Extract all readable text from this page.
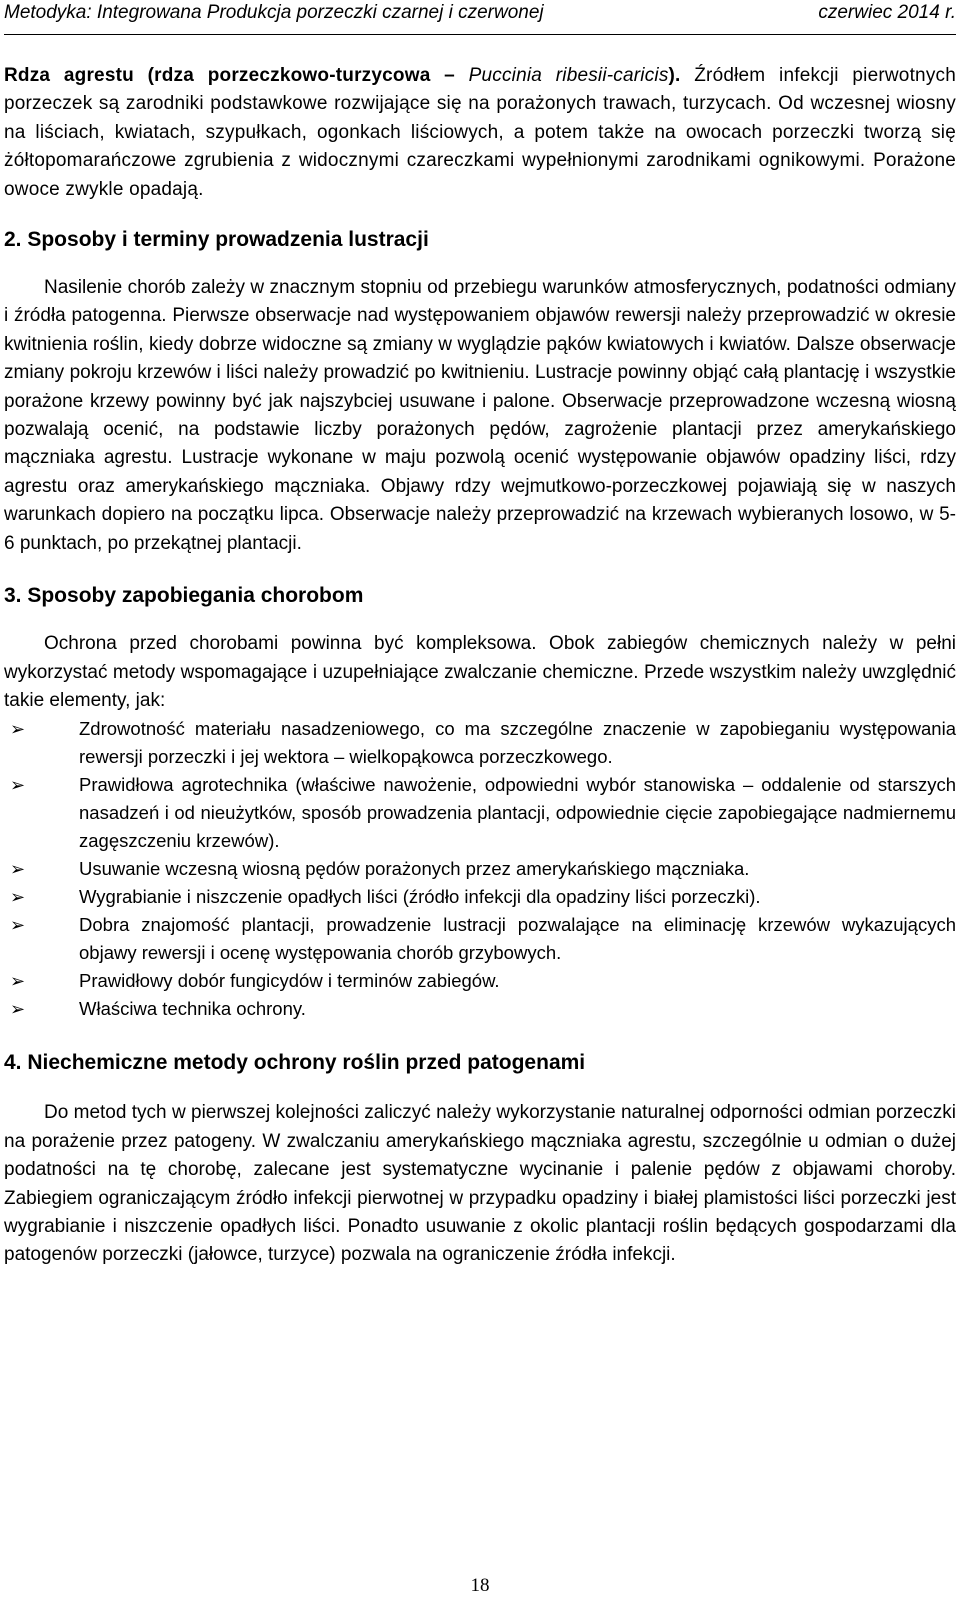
Metodyka: Integrowana Produkcja porzeczki czarnej i czerwonej	czerwiec 2014 r.

Rdza agrestu (rdza porzeczkowo-turzycowa – Puccinia ribesii-caricis). Źródłem infekcji pierwotnych porzeczek są zarodniki podstawkowe rozwijające się na porażonych trawach, turzycach. Od wczesnej wiosny na liściach, kwiatach, szypułkach, ogonkach liściowych, a potem także na owocach porzeczki tworzą się żółtopomarańczowe zgrubienia z widocznymi czareczkami wypełnionymi zarodnikami ognikowymi. Porażone owoce zwykle opadają.

2. Sposoby i terminy prowadzenia lustracji

Nasilenie chorób zależy w znacznym stopniu od przebiegu warunków atmosferycznych, podatności odmiany i źródła patogenna. Pierwsze obserwacje nad występowaniem objawów rewersji należy przeprowadzić w okresie kwitnienia roślin, kiedy dobrze widoczne są zmiany w wyglądzie pąków kwiatowych i kwiatów. Dalsze obserwacje zmiany pokroju krzewów i liści należy prowadzić po kwitnieniu. Lustracje powinny objąć całą plantację i wszystkie porażone krzewy powinny być jak najszybciej usuwane i palone. Obserwacje przeprowadzone wczesną wiosną pozwalają ocenić, na podstawie liczby porażonych pędów, zagrożenie plantacji przez amerykańskiego mączniaka agrestu. Lustracje wykonane w maju pozwolą ocenić występowanie objawów opadziny liści, rdzy agrestu oraz amerykańskiego mączniaka. Objawy rdzy wejmutkowo-porzeczkowej pojawiają się w naszych warunkach dopiero na początku lipca. Obserwacje należy przeprowadzić na krzewach wybieranych losowo, w 5-6 punktach, po przekątnej plantacji.

3. Sposoby zapobiegania chorobom

Ochrona przed chorobami powinna być kompleksowa. Obok zabiegów chemicznych należy w pełni wykorzystać metody wspomagające i uzupełniające zwalczanie chemiczne. Przede wszystkim należy uwzględnić takie elementy, jak:

➢	Zdrowotność materiału nasadzeniowego, co ma szczególne znaczenie w zapobieganiu występowania rewersji porzeczki i jej wektora – wielkopąkowca porzeczkowego.
➢	Prawidłowa agrotechnika (właściwe nawożenie, odpowiedni wybór stanowiska – oddalenie od starszych nasadzeń i od nieużytków, sposób prowadzenia plantacji, odpowiednie cięcie zapobiegające nadmiernemu zagęszczeniu krzewów).
➢	Usuwanie wczesną wiosną pędów porażonych przez amerykańskiego mączniaka.
➢	Wygrabianie i niszczenie opadłych liści (źródło infekcji dla opadziny liści porzeczki).
➢	Dobra znajomość plantacji, prowadzenie lustracji pozwalające na eliminację krzewów wykazujących objawy rewersji i ocenę występowania chorób grzybowych.
➢	Prawidłowy dobór fungicydów i terminów zabiegów.
➢	Właściwa technika ochrony.
4. Niechemiczne metody ochrony roślin przed patogenami

Do metod tych w pierwszej kolejności zaliczyć należy wykorzystanie naturalnej odporności odmian porzeczki na porażenie przez patogeny. W zwalczaniu amerykańskiego mączniaka agrestu, szczególnie u odmian o dużej podatności na tę chorobę, zalecane jest systematyczne wycinanie i palenie pędów z objawami choroby. Zabiegiem ograniczającym źródło infekcji pierwotnej w przypadku opadziny i białej plamistości liści porzeczki jest wygrabianie i niszczenie opadłych liści. Ponadto usuwanie z okolic plantacji roślin będących gospodarzami dla patogenów porzeczki (jałowce, turzyce) pozwala na ograniczenie źródła infekcji.

18
